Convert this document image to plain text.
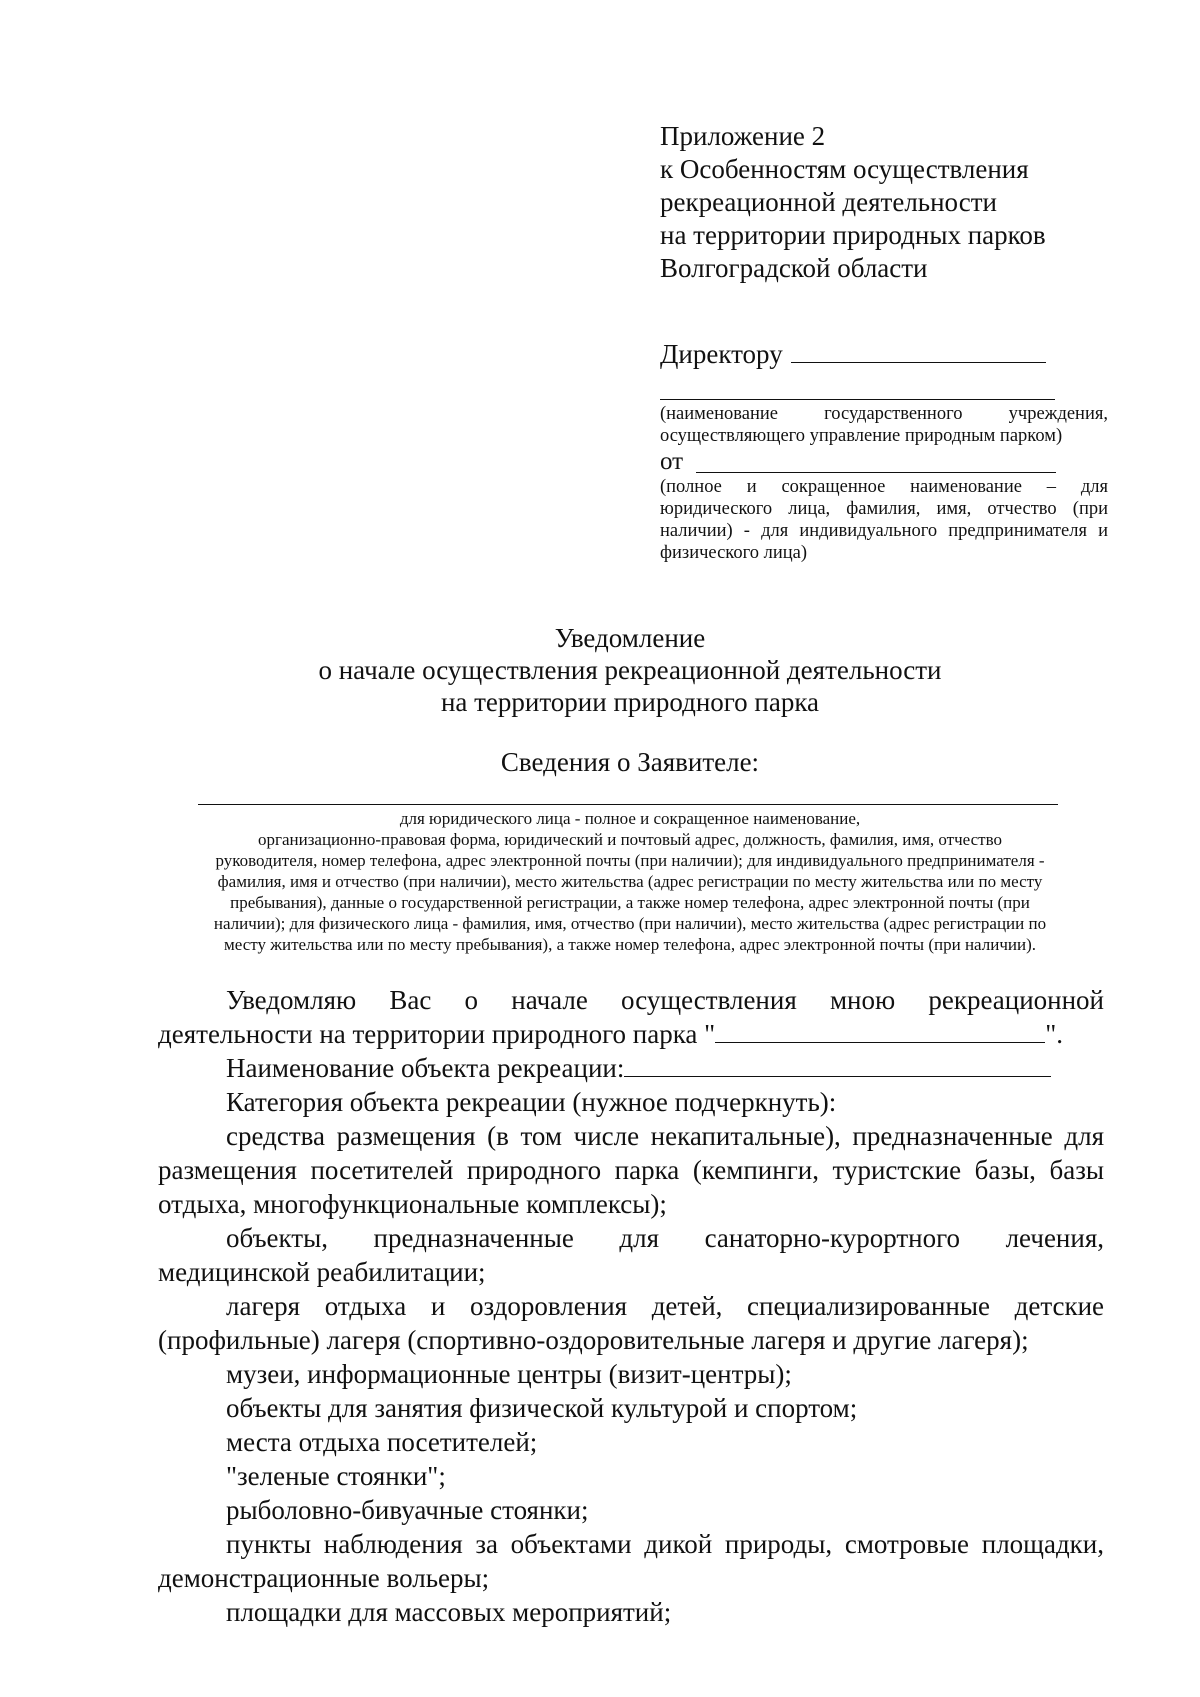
Приложение 2
к Особенностям осуществления
рекреационной деятельности
на территории природных парков
Волгоградской области
Директору
(наименование государственного учреждения, осуществляющего управление природным парком)
от
(полное и сокращенное наименование – для юридического лица, фамилия, имя, отчество (при наличии) - для индивидуального предпринимателя и физического лица)
Уведомление
о начале осуществления рекреационной деятельности
на территории природного парка
Сведения о Заявителе:
для юридического лица - полное и сокращенное наименование,
организационно-правовая форма, юридический и почтовый адрес, должность, фамилия, имя, отчество
руководителя, номер телефона, адрес электронной почты (при наличии); для индивидуального предпринимателя -
фамилия, имя и отчество (при наличии), место жительства (адрес регистрации по месту жительства или по месту
пребывания), данные о государственной регистрации, а также номер телефона, адрес электронной почты (при
наличии); для физического лица - фамилия, имя, отчество (при наличии), место жительства (адрес регистрации по
месту жительства или по месту пребывания), а также номер телефона, адрес электронной почты (при наличии).

Уведомляю Вас о начале осуществления мною рекреационной

деятельности на территории природного парка "	".

Наименование объекта рекреации:

Категория объекта рекреации (нужное подчеркнуть):

средства размещения (в том числе некапитальные), предназначенные для размещения посетителей природного парка (кемпинги, туристские базы, базы отдыха, многофункциональные комплексы);

объекты, предназначенные для санаторно-курортного лечения, медицинской реабилитации;

лагеря отдыха и оздоровления детей, специализированные детские (профильные) лагеря (спортивно-оздоровительные лагеря и другие лагеря);

музеи, информационные центры (визит-центры);

объекты для занятия физической культурой и спортом;

места отдыха посетителей;

"зеленые стоянки";

рыболовно-бивуачные стоянки;

пункты наблюдения за объектами дикой природы, смотровые площадки, демонстрационные вольеры;

площадки для массовых мероприятий;
